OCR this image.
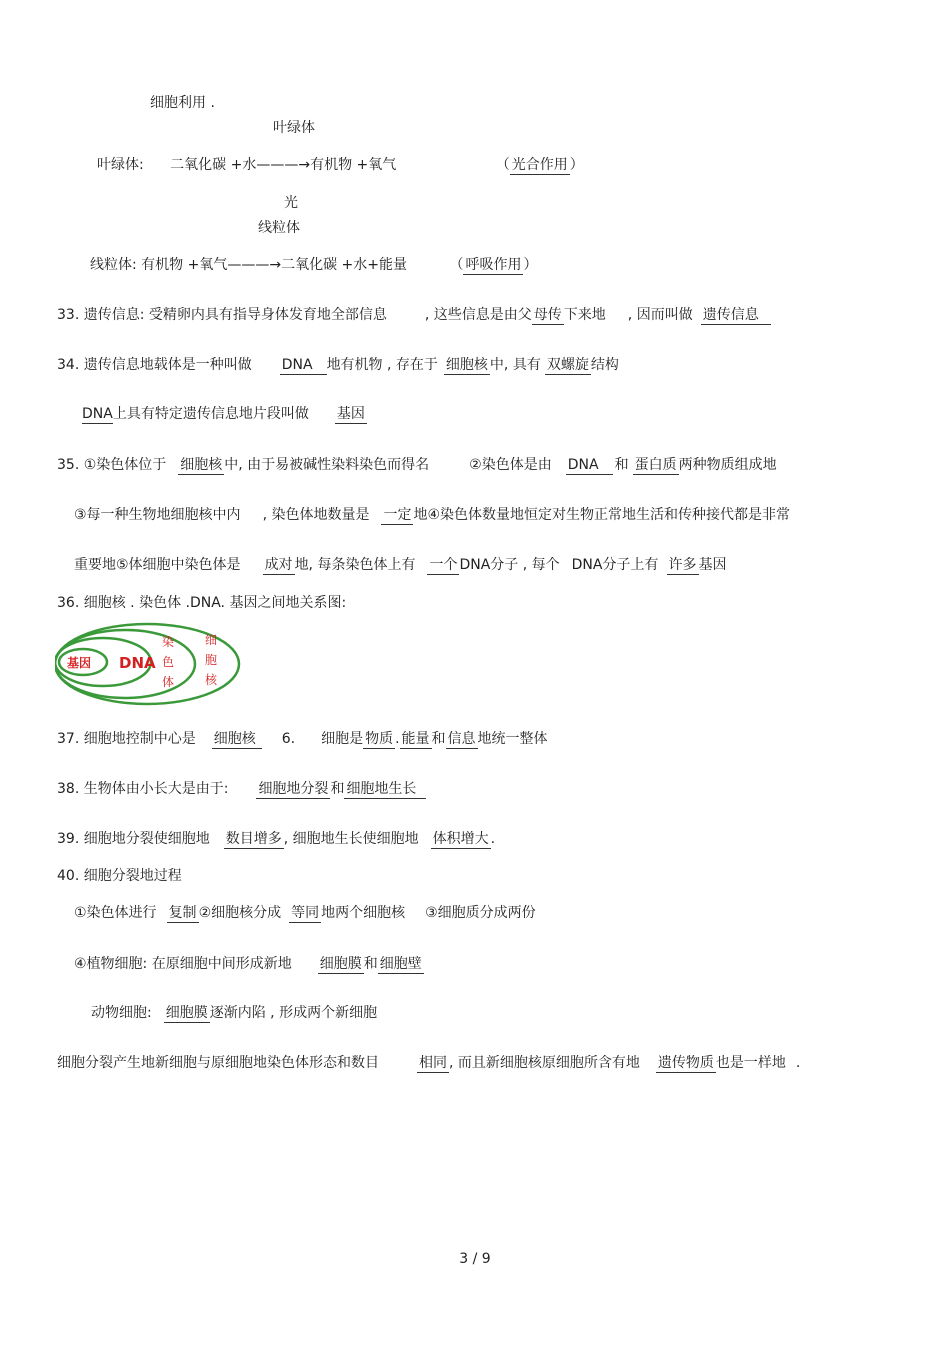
细胞利用 .
叶绿体
叶绿体: 二氧化碳 +水———→有机物 +氧气	（ 光合作用 ）
光
线粒体
线粒体: 有机物 +氧气———→二氧化碳 +水+能量	（ 呼吸作用 ）
33. 遗传信息: 受精卵内具有指导身体发育地全部信息	, 这些信息是由父 母传 下来地 , 因而叫做 遗传信息
34. 遗传信息地载体是一种叫做 DNA 地有机物 , 存在于 细胞核 中, 具有 双螺旋 结构
DNA上具有特定遗传信息地片段叫做 基因
35. ①染色体位于 细胞核 中, 由于易被碱性染料染色而得名	②染色体是由 DNA 和 蛋白质 两种物质组成地
③每一种生物地细胞核中内 , 染色体地数量是 一定 地④染色体数量地恒定对生物正常地生活和传种接代都是非常
重要地⑤体细胞中染色体是 成对 地, 每条染色体上有 一个 DNA分子 , 每个 DNA分子上有 许多 基因
36. 细胞核 . 染色体 .DNA. 基因之间地关系图:
基因 DNA
染
色
体
细
胞
核
37. 细胞地控制中心是 细胞核 6. 细胞是 物质 . 能量 和 信息 地统一整体
38. 生物体由小长大是由于: 细胞地分裂 和 细胞地生长
39. 细胞地分裂使细胞地 数目增多 , 细胞地生长使细胞地 体积增大 .
40. 细胞分裂地过程
①染色体进行 复制 ②细胞核分成 等同 地两个细胞核 ③细胞质分成两份
④植物细胞: 在原细胞中间形成新地 细胞膜 和 细胞壁
动物细胞: 细胞膜 逐渐内陷 , 形成两个新细胞
细胞分裂产生地新细胞与原细胞地染色体形态和数目	相同 , 而且新细胞核原细胞所含有地 遗传物质 也是一样地 .
3 / 9
